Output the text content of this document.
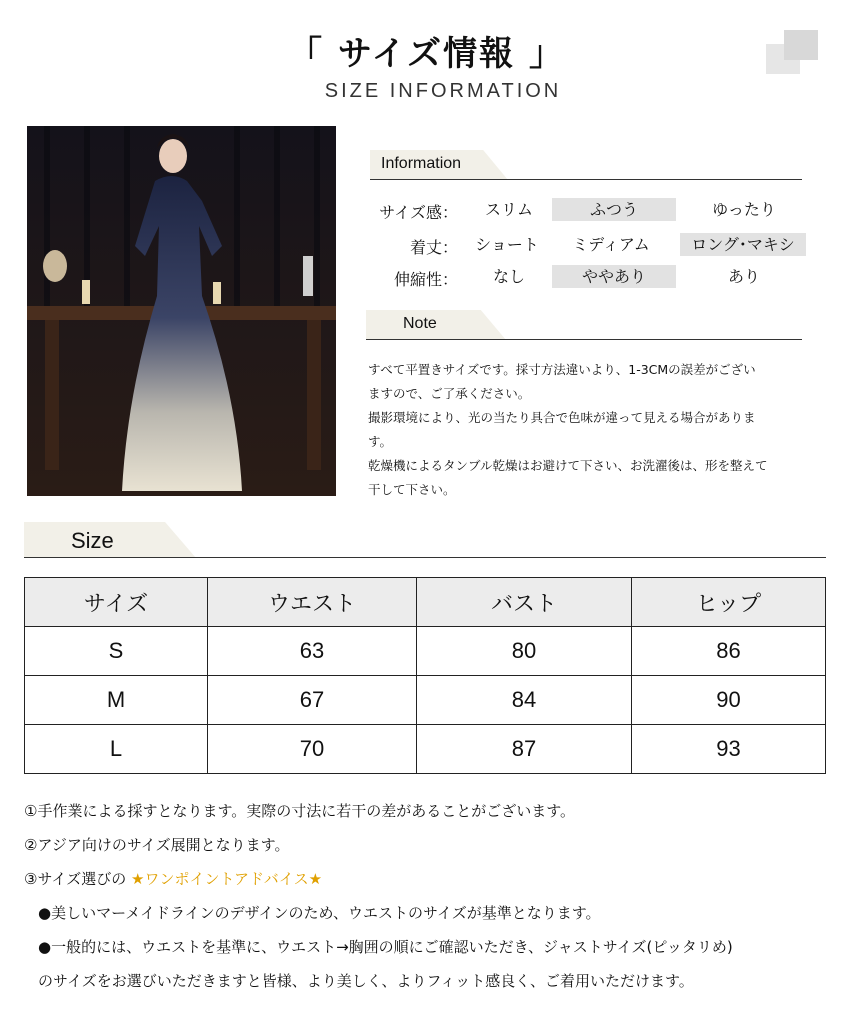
「 サイズ情報 」
SIZE INFORMATION
Information
サイズ感：	スリム	ふつう	ゆったり
着丈：	ショート	ミディアム	ロング･マキシ
伸縮性：	なし	ややあり	あり
Note
すべて平置きサイズです。採寸方法違いより、1-3CMの誤差がござい
ますので、ご了承ください。
撮影環境により、光の当たり具合で色味が違って見える場合がありま
す。
乾燥機によるタンブル乾燥はお避けて下さい、お洗濯後は、形を整えて
干して下さい。
Size
サイズ	ウエスト	バスト	ヒップ
S	63	80	86
M	67	84	90
L	70	87	93
①手作業による採すとなります。実際の寸法に若干の差があることがございます。
②アジア向けのサイズ展開となります。
③サイズ選びの ★ワンポイントアドバイス★
●美しいマーメイドラインのデザインのため、ウエストのサイズが基準となります。
●一般的には、ウエストを基準に、ウエスト→胸囲の順にご確認いただき、ジャストサイズ(ピッタリめ)
のサイズをお選びいただきますと皆様、より美しく、よりフィット感良く、ご着用いただけます。
